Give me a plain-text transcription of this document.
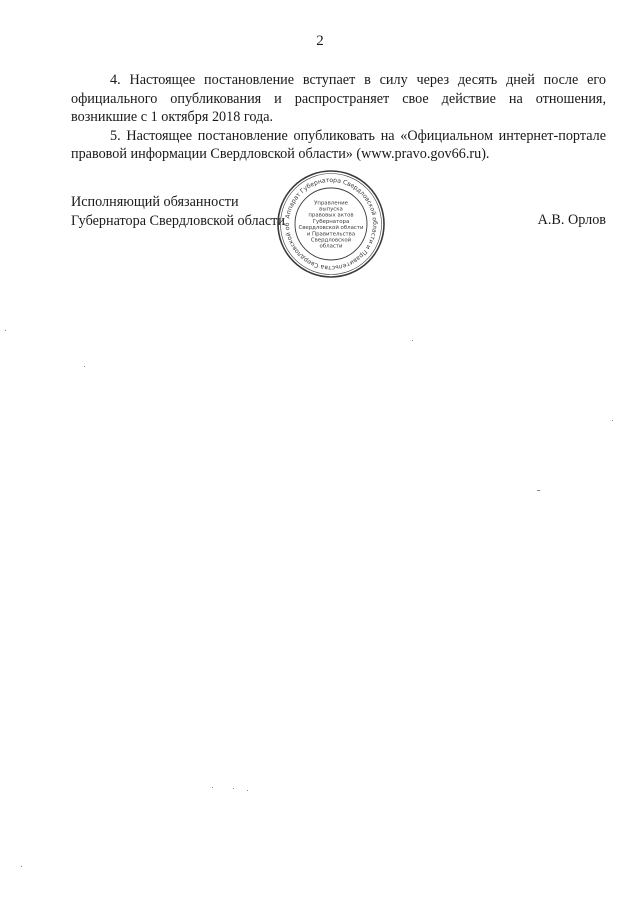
2

4. Настоящее постановление вступает в силу через десять дней после его официального опубликования и распространяет свое действие на отношения, возникшие с 1 октября 2018 года.

5. Настоящее постановление опубликовать на «Официальном интернет-портале правовой информации Свердловской области» (www.pravo.gov66.ru).

Исполняющий обязанности
Губернатора Свердловской области	А.В. Орлов
Аппарат Губернатора Свердловской области и Правительства Свердловской об
Управление
выпуска
правовых актов
Губернатора
Свердловской области
и Правительства
Свердловской
области
